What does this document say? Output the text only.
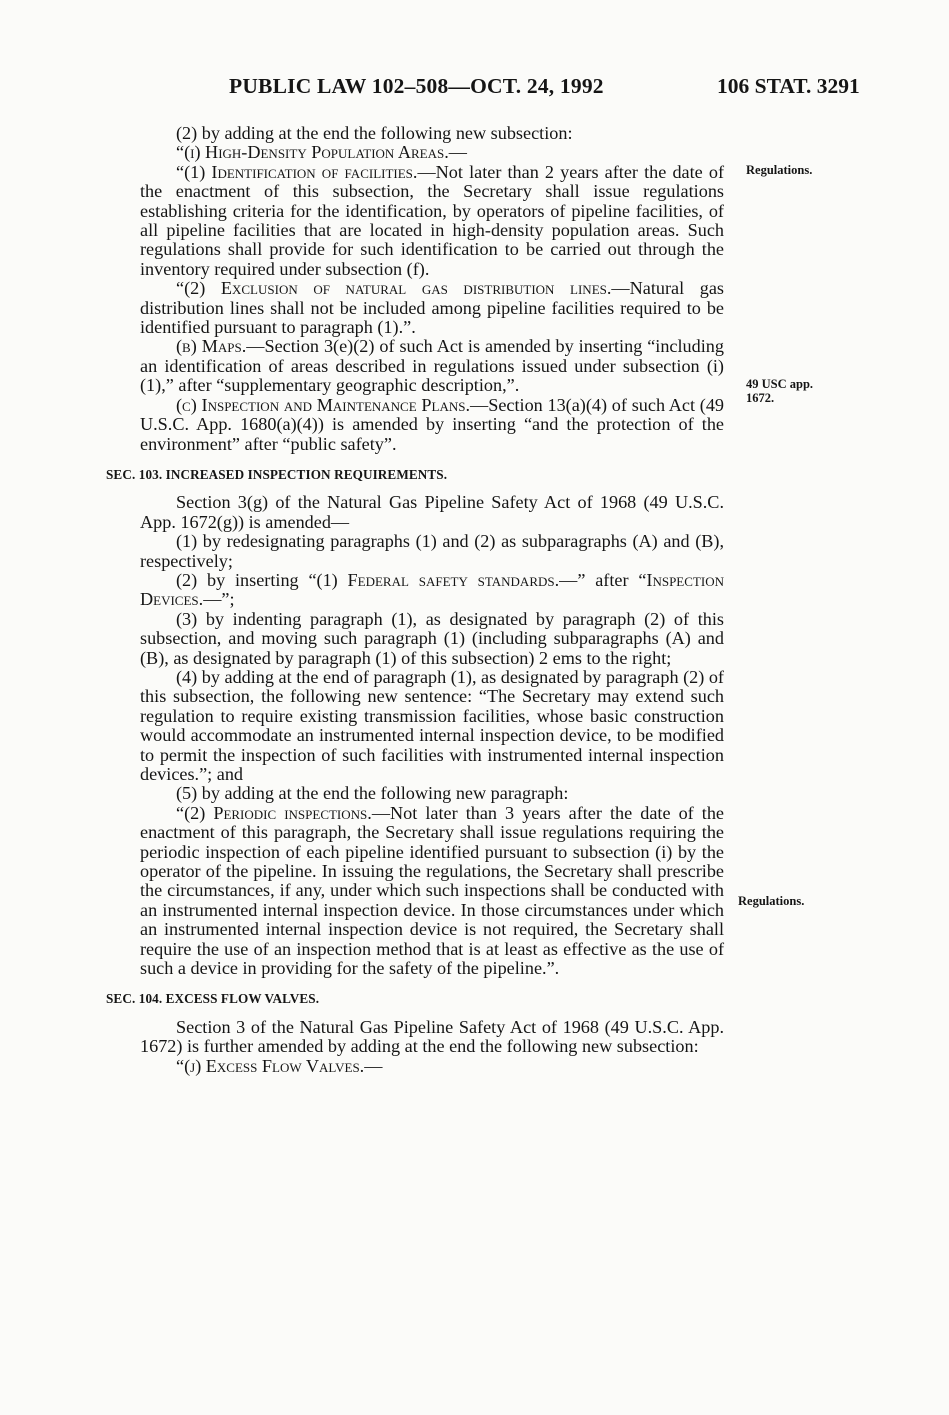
PUBLIC LAW 102–508—OCT. 24, 1992	106 STAT. 3291
Regulations.
49 USC app.
1672.
Regulations.

(2) by adding at the end the following new subsection:

“(i) High-Density Population Areas.—

“(1) Identification of facilities.—Not later than 2 years after the date of the enactment of this subsection, the Secretary shall issue regulations establishing criteria for the identification, by operators of pipeline facilities, of all pipeline facilities that are located in high-density population areas. Such regulations shall provide for such identification to be carried out through the inventory required under subsection (f).

“(2) Exclusion of natural gas distribution lines.—Natural gas distribution lines shall not be included among pipeline facilities required to be identified pursuant to paragraph (1).”.

(b) Maps.—Section 3(e)(2) of such Act is amended by inserting “including an identification of areas described in regulations issued under subsection (i)(1),” after “supplementary geographic description,”.

(c) Inspection and Maintenance Plans.—Section 13(a)(4) of such Act (49 U.S.C. App. 1680(a)(4)) is amended by inserting “and the protection of the environment” after “public safety”.

SEC. 103. INCREASED INSPECTION REQUIREMENTS.

Section 3(g) of the Natural Gas Pipeline Safety Act of 1968 (49 U.S.C. App. 1672(g)) is amended—

(1) by redesignating paragraphs (1) and (2) as subparagraphs (A) and (B), respectively;

(2) by inserting “(1) Federal safety standards.—” after “Inspection Devices.—”;

(3) by indenting paragraph (1), as designated by paragraph (2) of this subsection, and moving such paragraph (1) (including subparagraphs (A) and (B), as designated by paragraph (1) of this subsection) 2 ems to the right;

(4) by adding at the end of paragraph (1), as designated by paragraph (2) of this subsection, the following new sentence: “The Secretary may extend such regulation to require existing transmission facilities, whose basic construction would accommodate an instrumented internal inspection device, to be modified to permit the inspection of such facilities with instrumented internal inspection devices.”; and

(5) by adding at the end the following new paragraph:

“(2) Periodic inspections.—Not later than 3 years after the date of the enactment of this paragraph, the Secretary shall issue regulations requiring the periodic inspection of each pipeline identified pursuant to subsection (i) by the operator of the pipeline. In issuing the regulations, the Secretary shall prescribe the circumstances, if any, under which such inspections shall be conducted with an instrumented internal inspection device. In those circumstances under which an instrumented internal inspection device is not required, the Secretary shall require the use of an inspection method that is at least as effective as the use of such a device in providing for the safety of the pipeline.”.

SEC. 104. EXCESS FLOW VALVES.

Section 3 of the Natural Gas Pipeline Safety Act of 1968 (49 U.S.C. App. 1672) is further amended by adding at the end the following new subsection:

“(j) Excess Flow Valves.—
